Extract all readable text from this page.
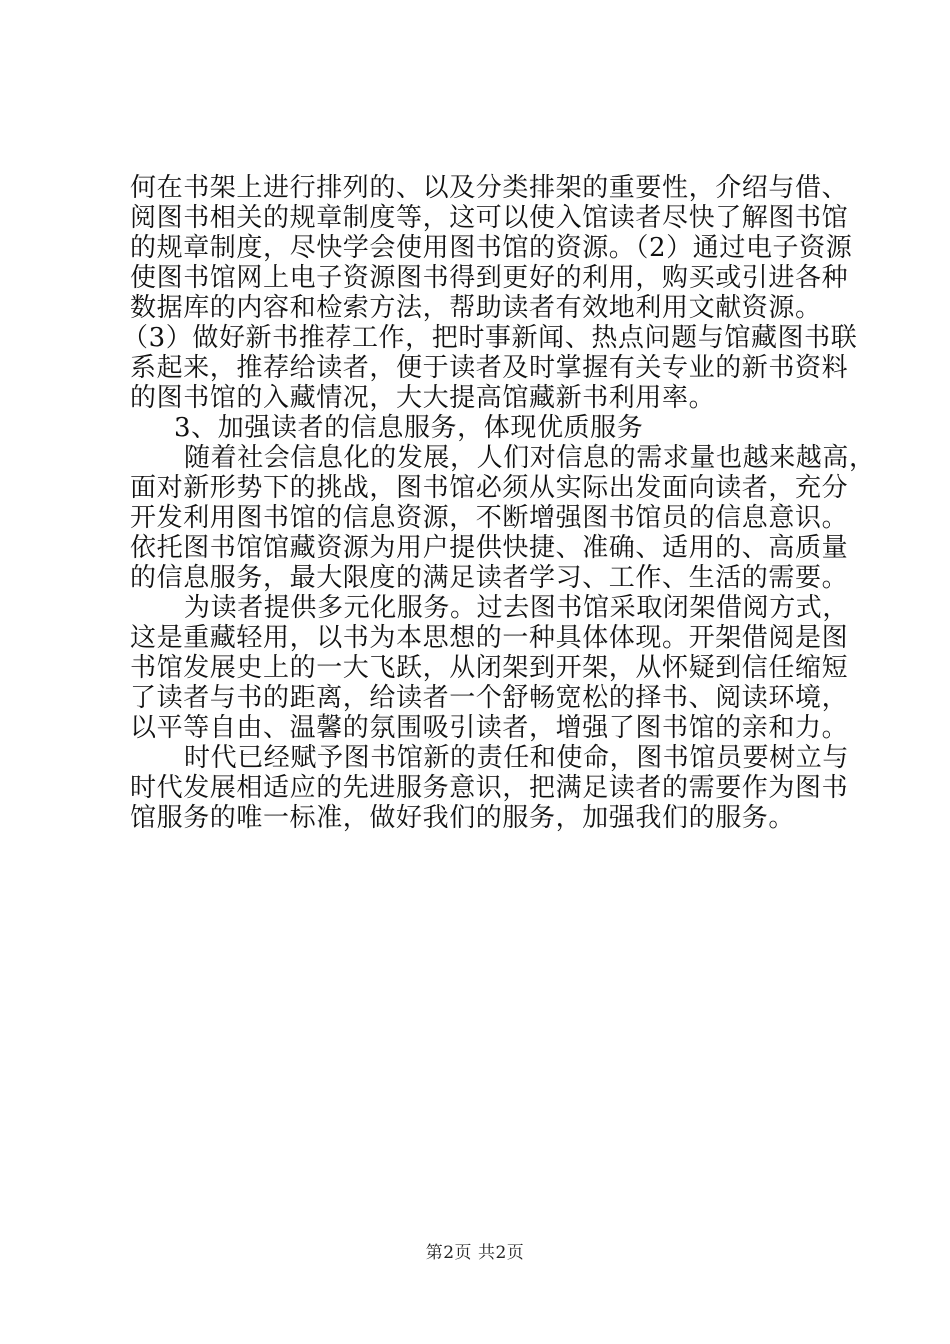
何在书架上进行排列的、以及分类排架的重要性，介绍与借、
阅图书相关的规章制度等，这可以使入馆读者尽快了解图书馆
的规章制度，尽快学会使用图书馆的资源。（2）通过电子资源
使图书馆网上电子资源图书得到更好的利用，购买或引进各种
数据库的内容和检索方法，帮助读者有效地利用文献资源。
（3）做好新书推荐工作，把时事新闻、热点问题与馆藏图书联
系起来，推荐给读者，便于读者及时掌握有关专业的新书资料
的图书馆的入藏情况，大大提高馆藏新书利用率。
3、加强读者的信息服务，体现优质服务
随着社会信息化的发展，人们对信息的需求量也越来越高，
面对新形势下的挑战，图书馆必须从实际出发面向读者，充分
开发利用图书馆的信息资源，不断增强图书馆员的信息意识。
依托图书馆馆藏资源为用户提供快捷、准确、适用的、高质量
的信息服务，最大限度的满足读者学习、工作、生活的需要。
为读者提供多元化服务。过去图书馆采取闭架借阅方式，
这是重藏轻用，以书为本思想的一种具体体现。开架借阅是图
书馆发展史上的一大飞跃，从闭架到开架，从怀疑到信任缩短
了读者与书的距离，给读者一个舒畅宽松的择书、阅读环境，
以平等自由、温馨的氛围吸引读者，增强了图书馆的亲和力。
时代已经赋予图书馆新的责任和使命，图书馆员要树立与
时代发展相适应的先进服务意识，把满足读者的需要作为图书
馆服务的唯一标准，做好我们的服务，加强我们的服务。
第2页 共2页
